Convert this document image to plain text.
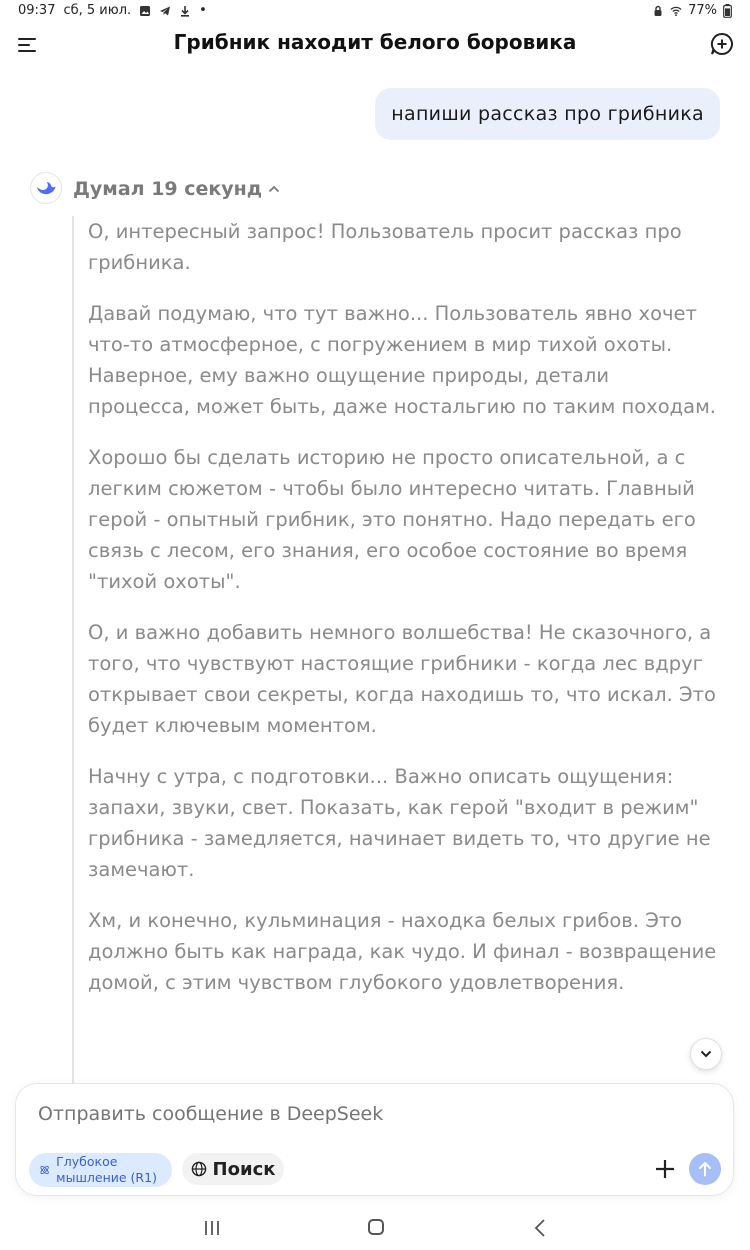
09:37 сб, 5 июл.	•	77%
Грибник находит белого боровика
напиши рассказ про грибника
Думал 19 секунд

О, интересный запрос! Пользователь просит рассказ про грибника.

Давай подумаю, что тут важно... Пользователь явно хочет что-то атмосферное, с погружением в мир тихой охоты. Наверное, ему важно ощущение природы, детали процесса, может быть, даже ностальгию по таким походам.

Хорошо бы сделать историю не просто описательной, а с легким сюжетом - чтобы было интересно читать. Главный герой - опытный грибник, это понятно. Надо передать его связь с лесом, его знания, его особое состояние во время "тихой охоты".

О, и важно добавить немного волшебства! Не сказочного, а того, что чувствуют настоящие грибники - когда лес вдруг открывает свои секреты, когда находишь то, что искал. Это будет ключевым моментом.

Начну с утра, с подготовки... Важно описать ощущения: запахи, звуки, свет. Показать, как герой "входит в режим" грибника - замедляется, начинает видеть то, что другие не замечают.

Хм, и конечно, кульминация - находка белых грибов. Это должно быть как награда, как чудо. И финал - возвращение домой, с этим чувством глубокого удовлетворения.

Отправить сообщение в DeepSeek
Глубокое мышление (R1)	Поиск
